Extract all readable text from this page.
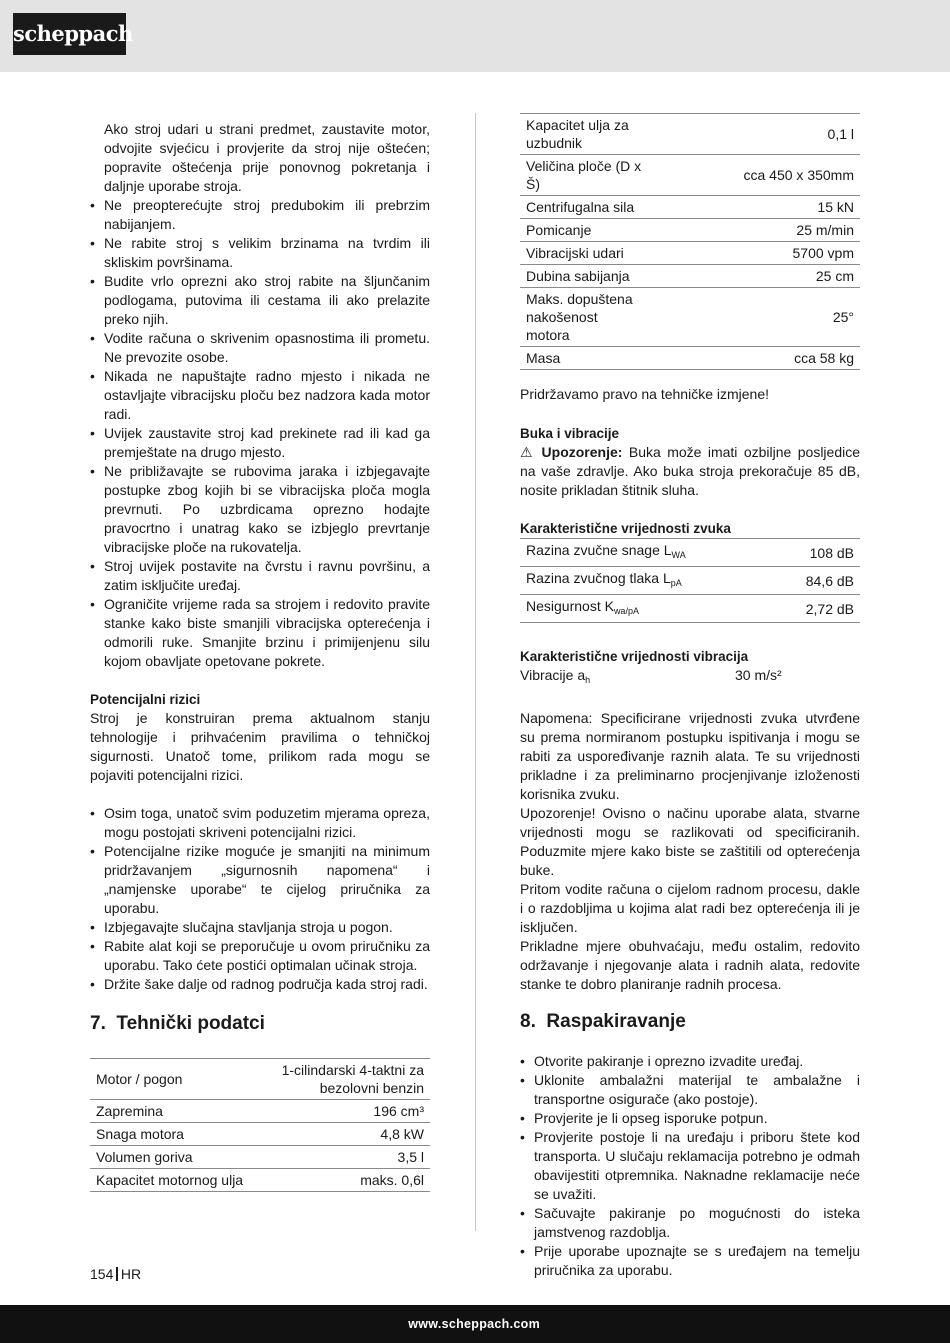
scheppach

Ako stroj udari u strani predmet, zaustavite motor, odvojite svjećicu i provjerite da stroj nije oštećen; popravite oštećenja prije ponovnog pokretanja i daljnje uporabe stroja.

• Ne preopterećujte stroj predubokim ili prebrzim nabijanjem.
• Ne rabite stroj s velikim brzinama na tvrdim ili skliskim površinama.
• Budite vrlo oprezni ako stroj rabite na šljunčanim podlogama, putovima ili cestama ili ako prelazite preko njih.
• Vodite računa o skrivenim opasnostima ili prometu. Ne prevozite osobe.
• Nikada ne napuštajte radno mjesto i nikada ne ostavljajte vibracijsku ploču bez nadzora kada motor radi.
• Uvijek zaustavite stroj kad prekinete rad ili kad ga premještate na drugo mjesto.
• Ne približavajte se rubovima jaraka i izbjegavajte postupke zbog kojih bi se vibracijska ploča mogla prevrnuti. Po uzbrdicama oprezno hodajte pravocrtno i unatrag kako se izbjeglo prevrtanje vibracijske ploče na rukovatelja.
• Stroj uvijek postavite na čvrstu i ravnu površinu, a zatim isključite uređaj.
• Ograničite vrijeme rada sa strojem i redovito pravite stanke kako biste smanjili vibracijska opterećenja i odmorili ruke. Smanjite brzinu i primijenjenu silu kojom obavljate opetovane pokrete.
Potencijalni rizici

Stroj je konstruiran prema aktualnom stanju tehnologije i prihvaćenim pravilima o tehničkoj sigurnosti. Unatoč tome, prilikom rada mogu se pojaviti potencijalni rizici.

• Osim toga, unatoč svim poduzetim mjerama opreza, mogu postojati skriveni potencijalni rizici.
• Potencijalne rizike moguće je smanjiti na minimum pridržavanjem „sigurnosnih napomena“ i „namjenske uporabe“ te cijelog priručnika za uporabu.
• Izbjegavajte slučajna stavljanja stroja u pogon.
• Rabite alat koji se preporučuje u ovom priručniku za uporabu. Tako ćete postići optimalan učinak stroja.
• Držite šake dalje od radnog područja kada stroj radi.
7.  Tehnički podatci
Motor / pogon	1-cilindarski 4-taktni za bezolovni benzin
Zapremina	196 cm³
Snaga motora	4,8 kW
Volumen goriva	3,5 l
Kapacitet motornog ulja	maks. 0,6l
Kapacitet ulja za uzbudnik	0,1 l
Veličina ploče (D x Š)	cca 450 x 350mm
Centrifugalna sila	15 kN
Pomicanje	25 m/min
Vibracijski udari	5700 vpm
Dubina sabijanja	25 cm
Maks. dopuštena nakošenost motora	25°
Masa	cca 58 kg

Pridržavamo pravo na tehničke izmjene!

Buka i vibracije

⚠ Upozorenje: Buka može imati ozbiljne posljedice na vaše zdravlje. Ako buka stroja prekoračuje 85 dB, nosite prikladan štitnik sluha.

Karakteristične vrijednosti zvuka
Razina zvučne snage $L_{WA}$	108 dB
Razina zvučnog tlaka $L_{pA}$	84,6 dB
Nesigurnost $K_{wa/pA}$	2,72 dB
Karakteristične vrijednosti vibracija
Vibracije $a_h$	30 m/s²

Napomena: Specificirane vrijednosti zvuka utvrđene su prema normiranom postupku ispitivanja i mogu se rabiti za uspoređivanje raznih alata. Te su vrijednosti prikladne i za preliminarno procjenjivanje izloženosti korisnika zvuku.

Upozorenje! Ovisno o načinu uporabe alata, stvarne vrijednosti mogu se razlikovati od specificiranih. Poduzmite mjere kako biste se zaštitili od opterećenja buke.

Pritom vodite računa o cijelom radnom procesu, dakle i o razdobljima u kojima alat radi bez opterećenja ili je isključen.

Prikladne mjere obuhvaćaju, među ostalim, redovito održavanje i njegovanje alata i radnih alata, redovite stanke te dobro planiranje radnih procesa.

8.  Raspakiravanje
• Otvorite pakiranje i oprezno izvadite uređaj.
• Uklonite ambalažni materijal te ambalažne i transportne osigurače (ako postoje).
• Provjerite je li opseg isporuke potpun.
• Provjerite postoje li na uređaju i priboru štete kod transporta. U slučaju reklamacija potrebno je odmah obavijestiti otpremnika. Naknadne reklamacije neće se uvažiti.
• Sačuvajte pakiranje po mogućnosti do isteka jamstvenog razdoblja.
• Prije uporabe upoznajte se s uređajem na temelju priručnika za uporabu.
154 HR
www.scheppach.com
